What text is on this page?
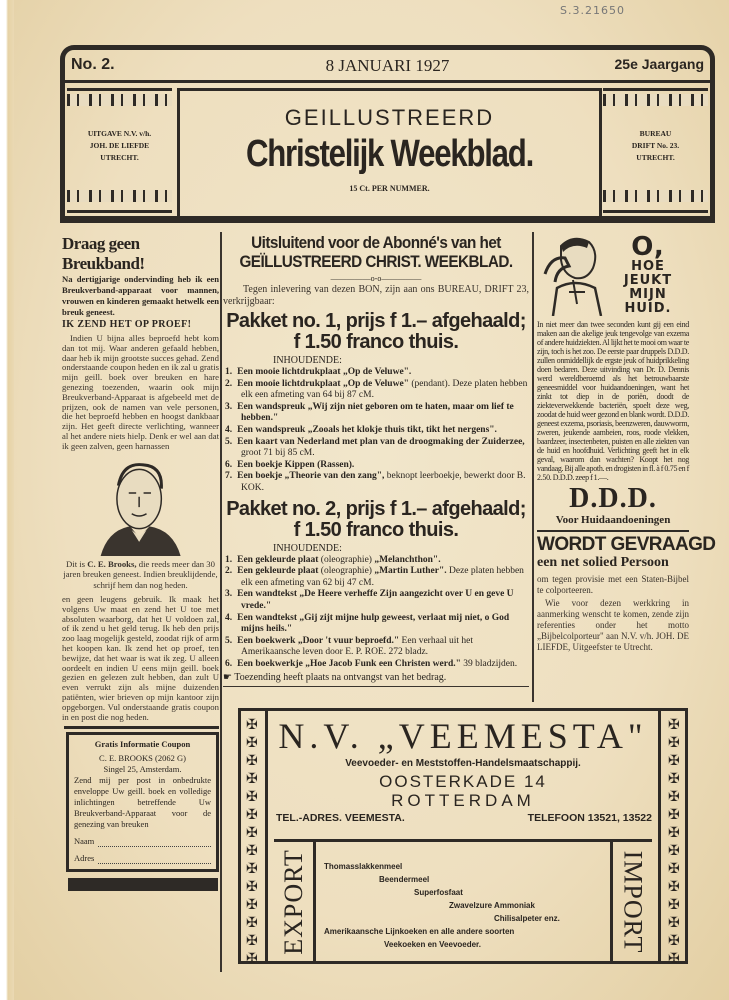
S.3.21650
No. 2.	8 JANUARI 1927	25e Jaargang
UITGAVE N.V. v/h.
JOH. DE LIEFDE
UTRECHT.
GEILLUSTREERD
Christelijk Weekblad.
15 Ct. PER NUMMER.
BUREAU
DRIFT No. 23.
UTRECHT.
Draag geen Breukband!
Na dertigjarige ondervinding heb ik een Breukverband-apparaat voor mannen, vrouwen en kinderen gemaakt hetwelk een breuk geneest.
IK ZEND HET OP PROEF!
Indien U bijna alles beproefd hebt kom dan tot mij. Waar anderen gefaald hebben, daar heb ik mijn grootste succes gehad. Zend onderstaande coupon heden en ik zal u gratis mijn geill. boek over breuken en hare genezing toezenden, waarin ook mijn Breukverband-Apparaat is afgebeeld met de prijzen, ook de namen van vele personen, die het beproefd hebben en hoogst dankbaar zijn. Het geeft directe verlichting, wanneer al het andere niets hielp. Denk er wel aan dat ik geen zalven, geen harnassen
Dit is C. E. Brooks, die reeds meer dan 30 jaren breuken geneest. Indien breuklijdende, schrijf hem dan nog heden.
en geen leugens gebruik. Ik maak het volgens Uw maat en zend het U toe met absoluten waarborg, dat het U voldoen zal, of ik zend u het geld terug. Ik heb den prijs zoo laag mogelijk gesteld, zoodat rijk of arm het koopen kan. Ik zend het op proef, ten bewijze, dat het waar is wat ik zeg. U alleen oordeelt en indien U eens mijn geill. boek gezien en gelezen zult hebben, dan zult U even verrukt zijn als mijne duizenden patiënten, wier brieven op mijn kantoor zijn opgeborgen. Vul onderstaande gratis coupon in en post die nog heden.
Gratis Informatie Coupon
C. E. BROOKS (2062 G)
Singel 25, Amsterdam.
Zend mij per post in onbedrukte enveloppe Uw geill. boek en volledige inlichtingen betreffende Uw Breukverband-Apparaat voor de genezing van breuken
Naam
Adres
Uitsluitend voor de Abonné's van het
GEÏLLUSTREERD CHRIST. WEEKBLAD.
—————o-o—————
Tegen inlevering van dezen BON, zijn aan ons BUREAU, DRIFT 23, verkrijgbaar:
Pakket no. 1, prijs f 1.– afgehaald;
f 1.50 franco thuis.
INHOUDENDE:
1. Een mooie lichtdrukplaat „Op de Veluwe".
2. Een mooie lichtdrukplaat „Op de Veluwe" (pendant). Deze platen hebben elk een afmeting van 64 bij 87 cM.
3. Een wandspreuk „Wij zijn niet geboren om te haten, maar om lief te hebben."
4. Een wandspreuk „Zooals het klokje thuis tikt, tikt het nergens".
5. Een kaart van Nederland met plan van de droogmaking der Zuiderzee, groot 71 bij 85 cM.
6. Een boekje Kippen (Rassen).
7. Een boekje „Theorie van den zang", beknopt leerboekje, bewerkt door B. KOK.
Pakket no. 2, prijs f 1.– afgehaald;
f 1.50 franco thuis.
INHOUDENDE:
1. Een gekleurde plaat (oleographie) „Melanchthon".
2. Een gekleurde plaat (oleographie) „Martin Luther". Deze platen hebben elk een afmeting van 62 bij 47 cM.
3. Een wandtekst „De Heere verheffe Zijn aangezicht over U en geve U vrede."
4. Een wandtekst „Gij zijt mijne hulp geweest, verlaat mij niet, o God mijns heils."
5. Een boekwerk „Door 't vuur beproefd." Een verhaal uit het Amerikaansche leven door E. P. ROE. 272 bladz.
6. Een boekwerkje „Hoe Jacob Funk een Christen werd." 39 bladzijden.
☛ Toezending heeft plaats na ontvangst van het bedrag.
✠
✠
✠
✠
✠
✠
✠
✠
✠
✠
✠
✠
✠
✠
✠
✠
✠
✠
✠
✠
✠
✠
✠
✠
✠
✠
✠
✠
N.V. „VEEMESTA"
Veevoeder- en Meststoffen-Handelsmaatschappij.
OOSTERKADE 14
ROTTERDAM
TEL.-ADRES. VEEMESTA.	TELEFOON 13521, 13522
EXPORT	IMPORT
Thomasslakkenmeel
Beendermeel
Superfosfaat
Zwavelzure Ammoniak
Chilisalpeter enz.
Amerikaansche Lijnkoeken en alle andere soorten
Veekoeken en Veevoeder.
O,
HOE
JEUKT
MIJN
HUID.
In niet meer dan twee seconden kunt gij een eind maken aan die akelige jeuk tengevolge van exzema of andere huidziekten. Al lijkt het te mooi om waar te zijn, toch is het zoo. De eerste paar druppels D.D.D. zullen onmiddellijk de ergste jeuk of huidprikkeling doen bedaren. Deze uitvinding van Dr. D. Dennis werd wereldberoemd als het betrouwbaarste geneesmiddel voor huidaandoeningen, want het zinkt tot diep in de poriën, doodt de ziekteverwekkende bacteriën, spoelt deze weg, zoodat de huid weer gezond en blank wordt. D.D.D. geneest exzema, psoriasis, beenzweren, dauwworm, zweren, jeukende aambeien, roos, roode vlekken, baardzeer, insectenbeten, puisten en alle ziekten van de huid en hoofdhuid. Verlichting geeft het in elk geval, waarom dan wachten? Koopt het nog vandaag. Bij alle apoth. en drogisten in fl. à f 0.75 en f 2.50. D.D.D. zeep f 1.—.
D.D.D.
Voor Huidaandoeningen
WORDT GEVRAAGD
een net solied Persoon
om tegen provisie met een Staten-Bijbel te colporteeren.
Wie voor dezen werkkring in aanmerking wenscht te komen, zende zijn referenties onder het motto „Bijbelcolporteur" aan N.V. v/h. JOH. DE LIEFDE, Uitgeefster te Utrecht.
